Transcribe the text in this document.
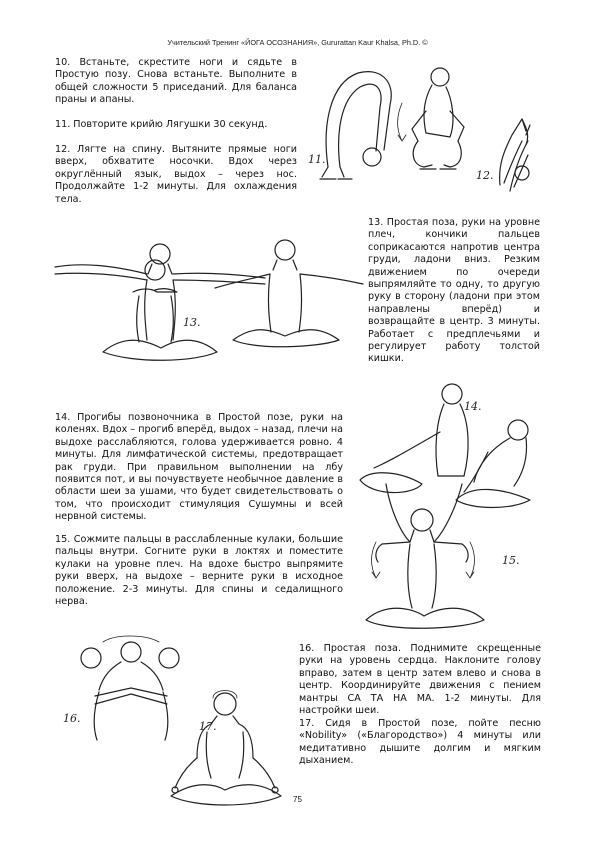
Учительский Тренинг «ЙОГА ОСОЗНАНИЯ», Gururattan Kaur Khalsa, Ph.D. ©

10. Встаньте, скрестите ноги и сядьте в Простую позу. Снова встаньте. Выполните в общей сложности 5 приседаний. Для баланса праны и апаны.

11. Повторите крийю Лягушки 30 секунд.

12. Лягте на спину. Вытяните прямые ноги вверх, обхватите носочки. Вдох через округлённый язык, выдох – через нос. Продолжайте 1-2 минуты. Для охлаждения тела.

13. Простая поза, руки на уровне плеч, кончики пальцев соприкасаются напротив центра груди, ладони вниз. Резким движением по очереди выпрямляйте то одну, то другую руку в сторону (ладони при этом направлены вперёд) и возвращайте в центр. 3 минуты. Работает с предплечьями и регулирует работу толстой кишки.

14. Прогибы позвоночника в Простой позе, руки на коленях. Вдох – прогиб вперёд, выдох – назад, плечи на выдохе расслабляются, голова удерживается ровно. 4 минуты. Для лимфатической системы, предотвращает рак груди. При правильном выполнении на лбу появится пот, и вы почувствуете необычное давление в области шеи за ушами, что будет свидетельствовать о том, что происходит стимуляция Сушумны и всей нервной системы.

15. Сожмите пальцы в расслабленные кулаки, большие пальцы внутри. Согните руки в локтях и поместите кулаки на уровне плеч. На вдохе быстро выпрямите руки вверх, на выдохе – верните руки в исходное положение. 2-3 минуты. Для спины и седалищного нерва.

16. Простая поза. Поднимите скрещенные руки на уровень сердца. Наклоните голову вправо, затем в центр затем влево и снова в центр. Координируйте движения с пением мантры СА ТА НА МА. 1-2 минуты. Для настройки шеи.

17. Сидя в Простой позе, пойте песню «Nobility» («Благородство») 4 минуты или медитативно дышите долгим и мягким дыханием.

11.
12.
13.
14.
15.
16.
17.
75
